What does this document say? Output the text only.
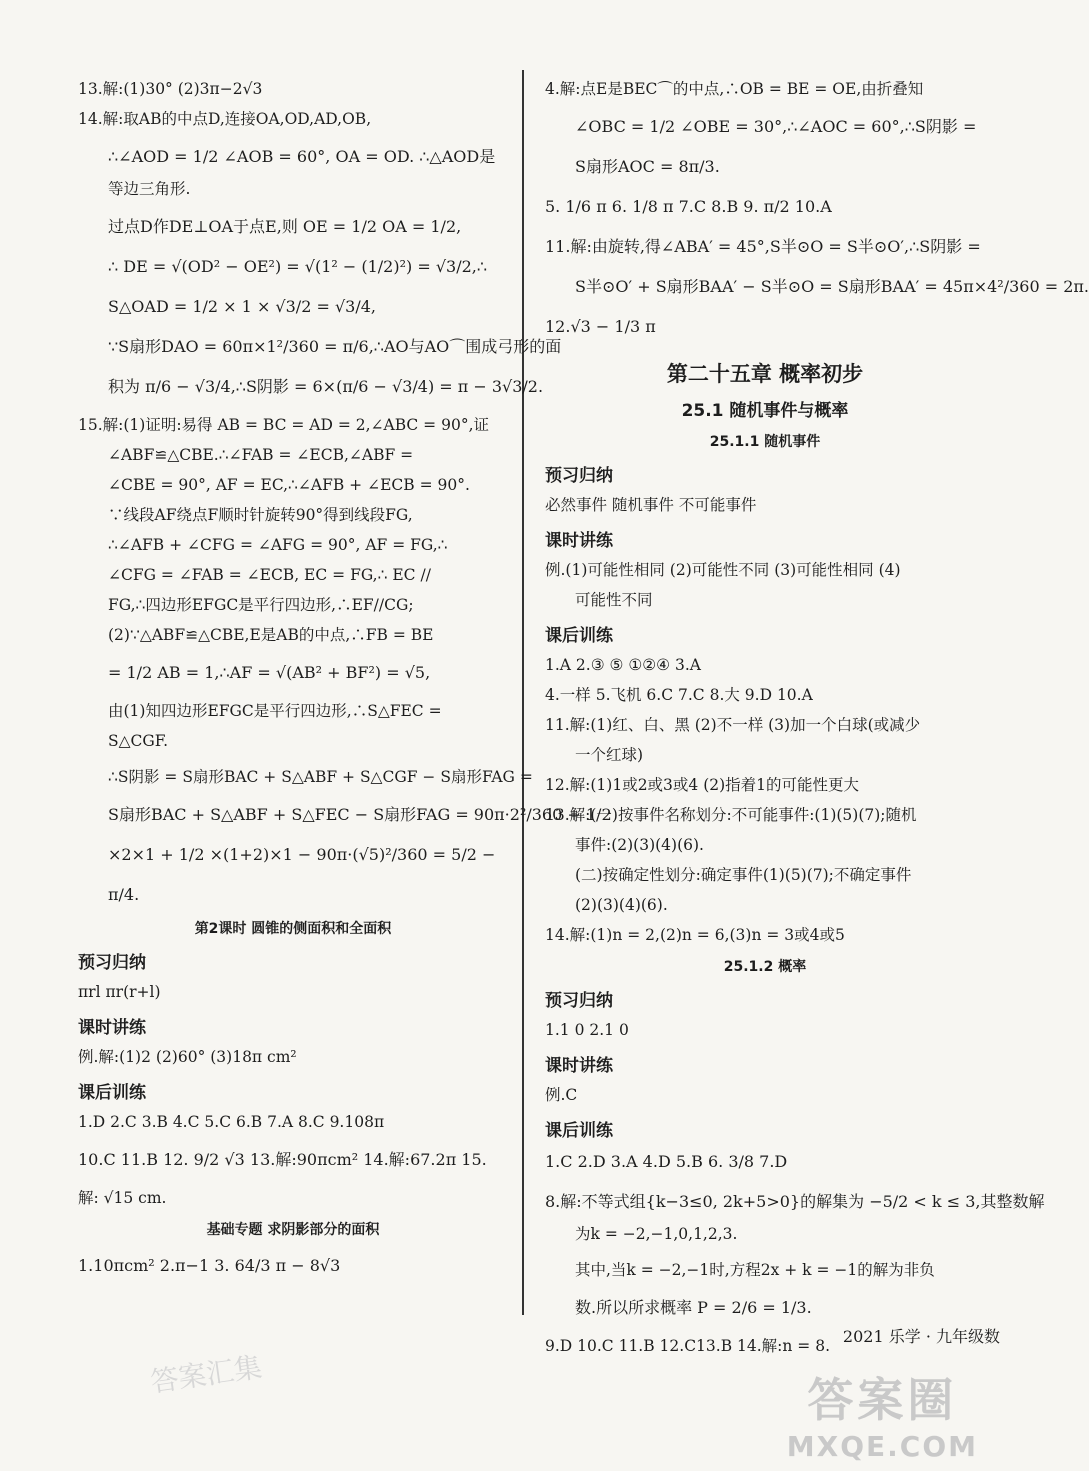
13.解:(1)30° (2)3π−2√3
14.解:取AB的中点D,连接OA,OD,AD,OB,
∴∠AOD = 1/2 ∠AOB = 60°, OA = OD. ∴△AOD是
等边三角形.
过点D作DE⊥OA于点E,则 OE = 1/2 OA = 1/2,
∴ DE = √(OD² − OE²) = √(1² − (1/2)²) = √3/2,∴
S△OAD = 1/2 × 1 × √3/2 = √3/4,
∵S扇形DAO = 60π×1²/360 = π/6,∴AO与AO⌒围成弓形的面
积为 π/6 − √3/4,∴S阴影 = 6×(π/6 − √3/4) = π − 3√3/2.
15.解:(1)证明:易得 AB = BC = AD = 2,∠ABC = 90°,证
∠ABF≌△CBE.∴∠FAB = ∠ECB,∠ABF =
∠CBE = 90°, AF = EC,∴∠AFB + ∠ECB = 90°.
∵线段AF绕点F顺时针旋转90°得到线段FG,
∴∠AFB + ∠CFG = ∠AFG = 90°, AF = FG,∴
∠CFG = ∠FAB = ∠ECB, EC = FG,∴ EC //
FG,∴四边形EFGC是平行四边形,∴EF//CG;
(2)∵△ABF≌△CBE,E是AB的中点,∴FB = BE
= 1/2 AB = 1,∴AF = √(AB² + BF²) = √5,
由(1)知四边形EFGC是平行四边形,∴S△FEC =
S△CGF.
∴S阴影 = S扇形BAC + S△ABF + S△CGF − S扇形FAG =
S扇形BAC + S△ABF + S△FEC − S扇形FAG = 90π·2²/360 + 1/2
×2×1 + 1/2 ×(1+2)×1 − 90π·(√5)²/360 = 5/2 −
π/4.
第2课时 圆锥的侧面积和全面积
预习归纳
πrl πr(r+l)
课时讲练
例.解:(1)2 (2)60° (3)18π cm²
课后训练
1.D 2.C 3.B 4.C 5.C 6.B 7.A 8.C 9.108π
10.C 11.B 12. 9/2 √3 13.解:90πcm² 14.解:67.2π 15.
解: √15 cm.
基础专题 求阴影部分的面积
1.10πcm² 2.π−1 3. 64/3 π − 8√3
4.解:点E是BEC⌒的中点,∴OB = BE = OE,由折叠知
∠OBC = 1/2 ∠OBE = 30°,∴∠AOC = 60°,∴S阴影 =
S扇形AOC = 8π/3.
5. 1/6 π 6. 1/8 π 7.C 8.B 9. π/2 10.A
11.解:由旋转,得∠ABA′ = 45°,S半⊙O = S半⊙O′,∴S阴影 =
S半⊙O′ + S扇形BAA′ − S半⊙O = S扇形BAA′ = 45π×4²/360 = 2π.
12.√3 − 1/3 π
第二十五章 概率初步
25.1 随机事件与概率
25.1.1 随机事件
预习归纳
必然事件 随机事件 不可能事件
课时讲练
例.(1)可能性相同 (2)可能性不同 (3)可能性相同 (4)
可能性不同
课后训练
1.A 2.③ ⑤ ①②④ 3.A
4.一样 5.飞机 6.C 7.C 8.大 9.D 10.A
11.解:(1)红、白、黑 (2)不一样 (3)加一个白球(或减少
一个红球)
12.解:(1)1或2或3或4 (2)指着1的可能性更大
13.解:(一)按事件名称划分:不可能事件:(1)(5)(7);随机
事件:(2)(3)(4)(6).
(二)按确定性划分:确定事件(1)(5)(7);不确定事件
(2)(3)(4)(6).
14.解:(1)n = 2,(2)n = 6,(3)n = 3或4或5
25.1.2 概率
预习归纳
1.1 0 2.1 0
课时讲练
例.C
课后训练
1.C 2.D 3.A 4.D 5.B 6. 3/8 7.D
8.解:不等式组{k−3≤0, 2k+5>0}的解集为 −5/2 < k ≤ 3,其整数解
为k = −2,−1,0,1,2,3.
其中,当k = −2,−1时,方程2x + k = −1的解为非负
数.所以所求概率 P = 2/6 = 1/3.
9.D 10.C 11.B 12.C13.B 14.解:n = 8. 2021 乐学 · 九年级数
答案汇集	答案圈
MXQE.COM
